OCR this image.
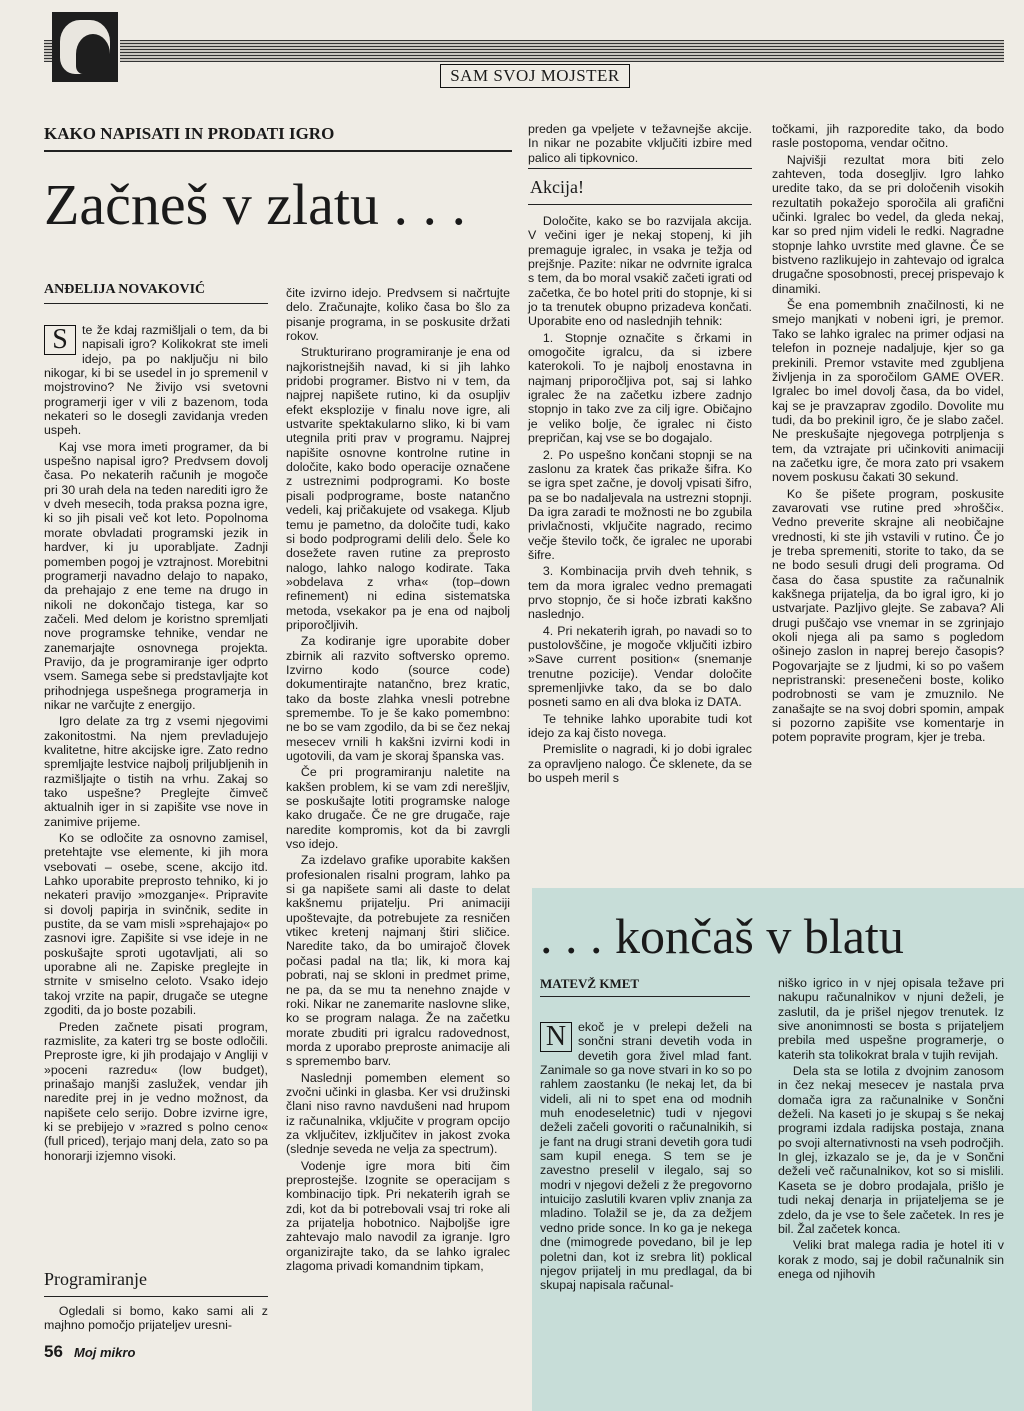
SAM SVOJ MOJSTER
KAKO NAPISATI IN PRODATI IGRO
Začneš v zlatu . . .
ANĐELIJA NOVAKOVIĆ

S	te že kdaj razmišljali o tem, da bi napisali igro? Kolikokrat ste imeli idejo, pa po naključju ni bilo nikogar, ki bi se usedel in jo spremenil v mojstrovino? Ne živijo vsi svetovni programerji iger v vili z bazenom, toda nekateri so le dosegli zavidanja vreden uspeh.

Kaj vse mora imeti programer, da bi uspešno napisal igro? Predvsem dovolj časa. Po nekaterih računih je mogoče pri 30 urah dela na teden narediti igro že v dveh mesecih, toda praksa pozna igre, ki so jih pisali več kot leto. Popolnoma morate obvladati programski jezik in hardver, ki ju uporabljate. Zadnji pomemben pogoj je vztrajnost. Morebitni programerji navadno delajo to napako, da prehajajo z ene teme na drugo in nikoli ne dokončajo tistega, kar so začeli. Med delom je koristno spremljati nove programske tehnike, vendar ne zanemarjajte osnovnega projekta. Pravijo, da je programiranje iger odprto vsem. Samega sebe si predstavljajte kot prihodnjega uspešnega programerja in nikar ne varčujte z energijo.

Igro delate za trg z vsemi njegovimi zakonitostmi. Na njem prevladujejo kvalitetne, hitre akcijske igre. Zato redno spremljajte lestvice najbolj priljubljenih in razmišljajte o tistih na vrhu. Zakaj so tako uspešne? Preglejte čimveč aktualnih iger in si zapišite vse nove in zanimive prijeme.

Ko se odločite za osnovno zamisel, pretehtajte vse elemente, ki jih mora vsebovati – osebe, scene, akcijo itd. Lahko uporabite preprosto tehniko, ki jo nekateri pravijo »mozganje«. Pripravite si dovolj papirja in svinčnik, sedite in pustite, da se vam misli »sprehajajo« po zasnovi igre. Zapišite si vse ideje in ne poskušajte sproti ugotavljati, ali so uporabne ali ne. Zapiske preglejte in strnite v smiselno celoto. Vsako idejo takoj vrzite na papir, drugače se utegne zgoditi, da jo boste pozabili.

Preden začnete pisati program, razmislite, za kateri trg se boste odločili. Preproste igre, ki jih prodajajo v Angliji v »poceni razredu« (low budget), prinašajo manjši zaslužek, vendar jih naredite prej in je vedno možnost, da napišete celo serijo. Dobre izvirne igre, ki se prebijejo v »razred s polno ceno« (full priced), terjajo manj dela, zato so pa honorarji izjemno visoki.

Programiranje

Ogledali si bomo, kako sami ali z majhno pomočjo prijateljev uresni-

čite izvirno idejo. Predvsem si načrtujte delo. Zračunajte, koliko časa bo šlo za pisanje programa, in se poskusite držati rokov.

Strukturirano programiranje je ena od najkoristnejših navad, ki si jih lahko pridobi programer. Bistvo ni v tem, da najprej napišete rutino, ki da osupljiv efekt eksplozije v finalu nove igre, ali ustvarite spektakularno sliko, ki bi vam utegnila priti prav v programu. Najprej napišite osnovne kontrolne rutine in določite, kako bodo operacije označene z ustreznimi podprogrami. Ko boste pisali podprograme, boste natančno vedeli, kaj pričakujete od vsakega. Kljub temu je pametno, da določite tudi, kako si bodo podprogrami delili delo. Šele ko dosežete raven rutine za preprosto nalogo, lahko nalogo kodirate. Taka »obdelava z vrha« (top–down refinement) ni edina sistematska metoda, vsekakor pa je ena od najbolj priporočljivih.

Za kodiranje igre uporabite dober zbirnik ali razvito softversko opremo. Izvirno kodo (source code) dokumentirajte natančno, brez kratic, tako da boste zlahka vnesli potrebne spremembe. To je še kako pomembno: ne bo se vam zgodilo, da bi se čez nekaj mesecev vrnili h kakšni izvirni kodi in ugotovili, da vam je skoraj španska vas.

Če pri programiranju naletite na kakšen problem, ki se vam zdi nerešljiv, se poskušajte lotiti programske naloge kako drugače. Če ne gre drugače, raje naredite kompromis, kot da bi zavrgli vso idejo.

Za izdelavo grafike uporabite kakšen profesionalen risalni program, lahko pa si ga napišete sami ali daste to delat kakšnemu prijatelju. Pri animaciji upoštevajte, da potrebujete za resničen vtikec kretenj najmanj štiri sličice. Naredite tako, da bo umirajoč človek počasi padal na tla; lik, ki mora kaj pobrati, naj se skloni in predmet prime, ne pa, da se mu ta nenehno znajde v roki. Nikar ne zanemarite naslovne slike, ko se program nalaga. Že na začetku morate zbuditi pri igralcu radovednost, morda z uporabo preproste animacije ali s spremembo barv.

Naslednji pomemben element so zvočni učinki in glasba. Ker vsi družinski člani niso ravno navdušeni nad hrupom iz računalnika, vključite v program opcijo za vključitev, izključitev in jakost zvoka (slednje seveda ne velja za spectrum).

Vodenje igre mora biti čim preprostejše. Izognite se operacijam s kombinacijo tipk. Pri nekaterih igrah se zdi, kot da bi potrebovali vsaj tri roke ali za prijatelja hobotnico. Najboljše igre zahtevajo malo navodil za igranje. Igro organizirajte tako, da se lahko igralec zlagoma privadi komandnim tipkam,

preden ga vpeljete v težavnejše akcije. In nikar ne pozabite vključiti izbire med palico ali tipkovnico.

Akcija!

Določite, kako se bo razvijala akcija. V večini iger je nekaj stopenj, ki jih premaguje igralec, in vsaka je težja od prejšnje. Pazite: nikar ne odvrnite igralca s tem, da bo moral vsakič začeti igrati od začetka, če bo hotel priti do stopnje, ki si jo ta trenutek obupno prizadeva končati. Uporabite eno od naslednjih tehnik:

1. Stopnje označite s črkami in omogočite igralcu, da si izbere katerokoli. To je najbolj enostavna in najmanj priporočljiva pot, saj si lahko igralec že na začetku izbere zadnjo stopnjo in tako zve za cilj igre. Običajno je veliko bolje, če igralec ni čisto prepričan, kaj vse se bo dogajalo.

2. Po uspešno končani stopnji se na zaslonu za kratek čas prikaže šifra. Ko se igra spet začne, je dovolj vpisati šifro, pa se bo nadaljevala na ustrezni stopnji. Da igra zaradi te možnosti ne bo zgubila privlačnosti, vključite nagrado, recimo večje število točk, če igralec ne uporabi šifre.

3. Kombinacija prvih dveh tehnik, s tem da mora igralec vedno premagati prvo stopnjo, če si hoče izbrati kakšno naslednjo.

4. Pri nekaterih igrah, po navadi so to pustolovščine, je mogoče vključiti izbiro »Save current position« (snemanje trenutne pozicije). Vendar določite spremenljivke tako, da se bo dalo posneti samo en ali dva bloka iz DATA.

Te tehnike lahko uporabite tudi kot idejo za kaj čisto novega.

Premislite o nagradi, ki jo dobi igralec za opravljeno nalogo. Če sklenete, da se bo uspeh meril s

točkami, jih razporedite tako, da bodo rasle postopoma, vendar očitno.

Najvišji rezultat mora biti zelo zahteven, toda dosegljiv. Igro lahko uredite tako, da se pri določenih visokih rezultatih pokažejo sporočila ali grafični učinki. Igralec bo vedel, da gleda nekaj, kar so pred njim videli le redki. Nagradne stopnje lahko uvrstite med glavne. Če se bistveno razlikujejo in zahtevajo od igralca drugačne sposobnosti, precej prispevajo k dinamiki.

Še ena pomembnih značilnosti, ki ne smejo manjkati v nobeni igri, je premor. Tako se lahko igralec na primer odjasi na telefon in pozneje nadaljuje, kjer so ga prekinili. Premor vstavite med zgubljena življenja in za sporočilom GAME OVER. Igralec bo imel dovolj časa, da bo videl, kaj se je pravzaprav zgodilo. Dovolite mu tudi, da bo prekinil igro, če je slabo začel. Ne preskušajte njegovega potrpljenja s tem, da vztrajate pri učinkoviti animaciji na začetku igre, če mora zato pri vsakem novem poskusu čakati 30 sekund.

Ko še pišete program, poskusite zavarovati vse rutine pred »hrošči«. Vedno preverite skrajne ali neobičajne vrednosti, ki ste jih vstavili v rutino. Če jo je treba spremeniti, storite to tako, da se ne bodo sesuli drugi deli programa. Od časa do časa spustite za računalnik kakšnega prijatelja, da bo igral igro, ki jo ustvarjate. Pazljivo glejte. Se zabava? Ali drugi puščajo vse vnemar in se zgrinjajo okoli njega ali pa samo s pogledom ošinejo zaslon in naprej berejo časopis? Pogovarjajte se z ljudmi, ki so po vašem nepristranski: presenečeni boste, koliko podrobnosti se vam je zmuznilo. Ne zanašajte se na svoj dobri spomin, ampak si pozorno zapišite vse komentarje in potem popravite program, kjer je treba.

. . . končaš v blatu
MATEVŽ KMET

N ekoč je v prelepi deželi na sončni strani devetih voda in devetih gora živel mlad fant. Zanimale so ga nove stvari in ko so po rahlem zaostanku (le nekaj let, da bi videli, ali ni to spet ena od modnih muh enodeseletnic) tudi v njegovi deželi začeli govoriti o računalnikih, si je fant na drugi strani devetih gora tudi sam kupil enega. S tem se je zavestno preselil v ilegalo, saj so modri v njegovi deželi z že pregovorno intuicijo zaslutili kvaren vpliv znanja za mladino. Tolažil se je, da za dežjem vedno pride sonce. In ko ga je nekega dne (mimogrede povedano, bil je lep poletni dan, kot iz srebra lit) poklical njegov prijatelj in mu predlagal, da bi skupaj napisala računal-

niško igrico in v njej opisala težave pri nakupu računalnikov v njuni deželi, je zaslutil, da je prišel njegov trenutek. Iz sive anonimnosti se bosta s prijateljem prebila med uspešne programerje, o katerih sta tolikokrat brala v tujih revijah.

Dela sta se lotila z dvojnim zanosom in čez nekaj mesecev je nastala prva domača igra za računalnike v Sončni deželi. Na kaseti jo je skupaj s še nekaj programi izdala radijska postaja, znana po svoji alternativnosti na vseh področjih. In glej, izkazalo se je, da je v Sončni deželi več računalnikov, kot so si mislili. Kaseta se je dobro prodajala, prišlo je tudi nekaj denarja in prijateljema se je zdelo, da je vse to šele začetek. In res je bil. Žal začetek konca.

Veliki brat malega radia je hotel iti v korak z modo, saj je dobil računalnik sin enega od njihovih

56 Moj mikro
